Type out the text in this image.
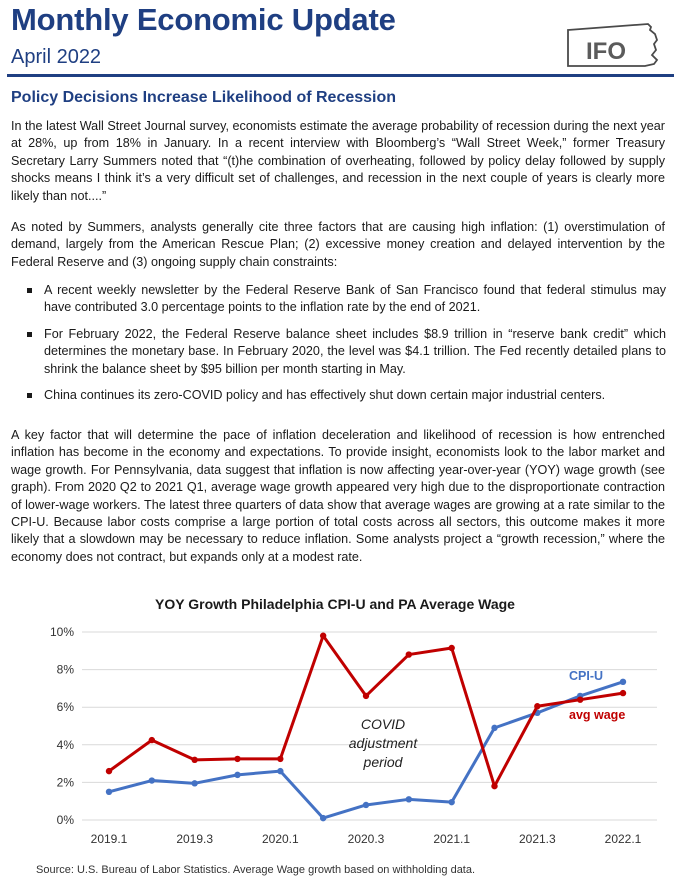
Monthly Economic Update
April 2022	IFO
Policy Decisions Increase Likelihood of Recession

In the latest Wall Street Journal survey, economists estimate the average probability of recession during the next year at 28%, up from 18% in January. In a recent interview with Bloomberg’s “Wall Street Week,” former Treasury Secretary Larry Summers noted that “(t)he combination of overheating, followed by policy delay followed by supply shocks means I think it’s a very difficult set of challenges, and recession in the next couple of years is clearly more likely than not....”

As noted by Summers, analysts generally cite three factors that are causing high inflation: (1) overstimulation of demand, largely from the American Rescue Plan; (2) excessive money creation and delayed intervention by the Federal Reserve and (3) ongoing supply chain constraints:

A recent weekly newsletter by the Federal Reserve Bank of San Francisco found that federal stimulus may have contributed 3.0 percentage points to the inflation rate by the end of 2021.
For February 2022, the Federal Reserve balance sheet includes $8.9 trillion in “reserve bank credit” which determines the monetary base. In February 2020, the level was $4.1 trillion. The Fed recently detailed plans to shrink the balance sheet by $95 billion per month starting in May.
China continues its zero-COVID policy and has effectively shut down certain major industrial centers.

A key factor that will determine the pace of inflation deceleration and likelihood of recession is how entrenched inflation has become in the economy and expectations. To provide insight, economists look to the labor market and wage growth. For Pennsylvania, data suggest that inflation is now affecting year-over-year (YOY) wage growth (see graph). From 2020 Q2 to 2021 Q1, average wage growth appeared very high due to the disproportionate contraction of lower-wage workers. The latest three quarters of data show that average wages are growing at a rate similar to the CPI-U. Because labor costs comprise a large portion of total costs across all sectors, this outcome makes it more likely that a slowdown may be necessary to reduce inflation. Some analysts project a “growth recession,” where the economy does not contract, but expands only at a modest rate.

YOY Growth Philadelphia CPI-U and PA Average Wage
0%
2%
4%
6%
8%
10%
2019.1	2019.3	2020.1	2020.3	2021.1	2021.3	2022.1
CPI-U
avg wage
COVID
adjustment
period
Source: U.S. Bureau of Labor Statistics. Average Wage growth based on withholding data.
